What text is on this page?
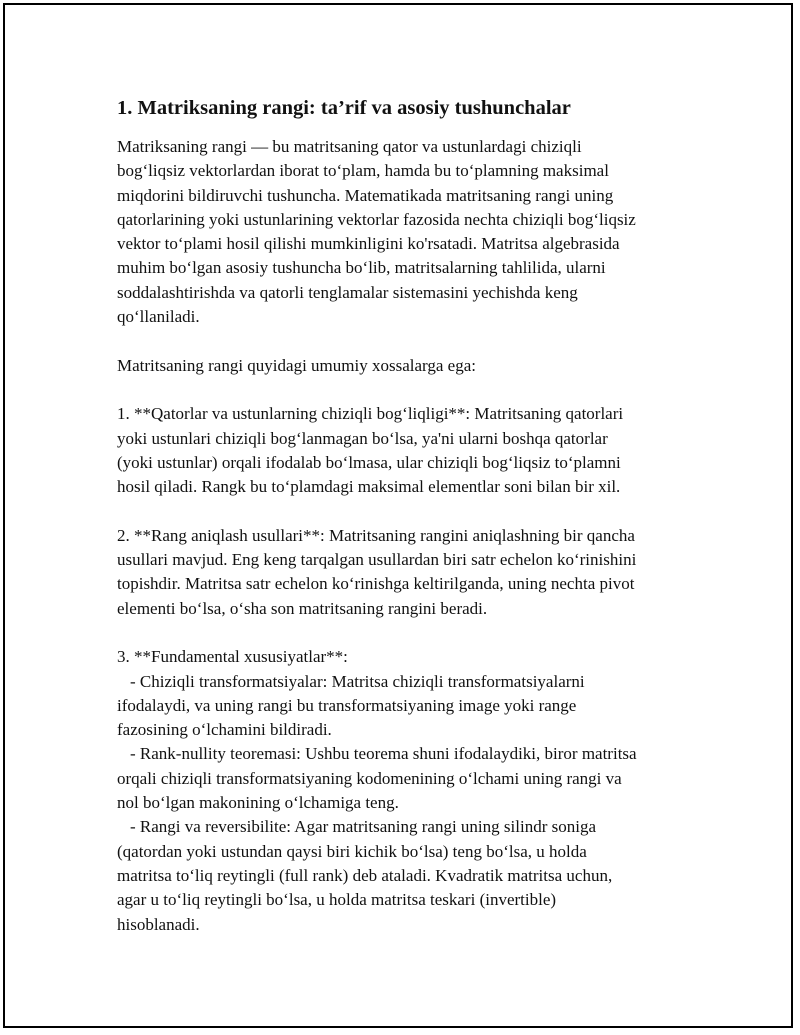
1. Matriksaning rangi: ta’rif va asosiy tushunchalar

Matriksaning rangi — bu matritsaning qator va ustunlardagi chiziqli

bog‘liqsiz vektorlardan iborat to‘plam, hamda bu to‘plamning maksimal

miqdorini bildiruvchi tushuncha. Matematikada matritsaning rangi uning

qatorlarining yoki ustunlarining vektorlar fazosida nechta chiziqli bog‘liqsiz

vektor to‘plami hosil qilishi mumkinligini ko'rsatadi. Matritsa algebrasida

muhim bo‘lgan asosiy tushuncha bo‘lib, matritsalarning tahlilida, ularni

soddalashtirishda va qatorli tenglamalar sistemasini yechishda keng

qo‘llaniladi.

Matritsaning rangi quyidagi umumiy xossalarga ega:

1. **Qatorlar va ustunlarning chiziqli bog‘liqligi**: Matritsaning qatorlari

yoki ustunlari chiziqli bog‘lanmagan bo‘lsa, ya'ni ularni boshqa qatorlar

(yoki ustunlar) orqali ifodalab bo‘lmasa, ular chiziqli bog‘liqsiz to‘plamni

hosil qiladi. Rangk bu to‘plamdagi maksimal elementlar soni bilan bir xil.

2. **Rang aniqlash usullari**: Matritsaning rangini aniqlashning bir qancha

usullari mavjud. Eng keng tarqalgan usullardan biri satr echelon ko‘rinishini

topishdir. Matritsa satr echelon ko‘rinishga keltirilganda, uning nechta pivot

elementi bo‘lsa, o‘sha son matritsaning rangini beradi.

3. **Fundamental xususiyatlar**:

- Chiziqli transformatsiyalar: Matritsa chiziqli transformatsiyalarni

ifodalaydi, va uning rangi bu transformatsiyaning image yoki range

fazosining o‘lchamini bildiradi.

- Rank-nullity teoremasi: Ushbu teorema shuni ifodalaydiki, biror matritsa

orqali chiziqli transformatsiyaning kodomenining o‘lchami uning rangi va

nol bo‘lgan makonining o‘lchamiga teng.

- Rangi va reversibilite: Agar matritsaning rangi uning silindr soniga

(qatordan yoki ustundan qaysi biri kichik bo‘lsa) teng bo‘lsa, u holda

matritsa to‘liq reytingli (full rank) deb ataladi. Kvadratik matritsa uchun,

agar u to‘liq reytingli bo‘lsa, u holda matritsa teskari (invertible)

hisoblanadi.
